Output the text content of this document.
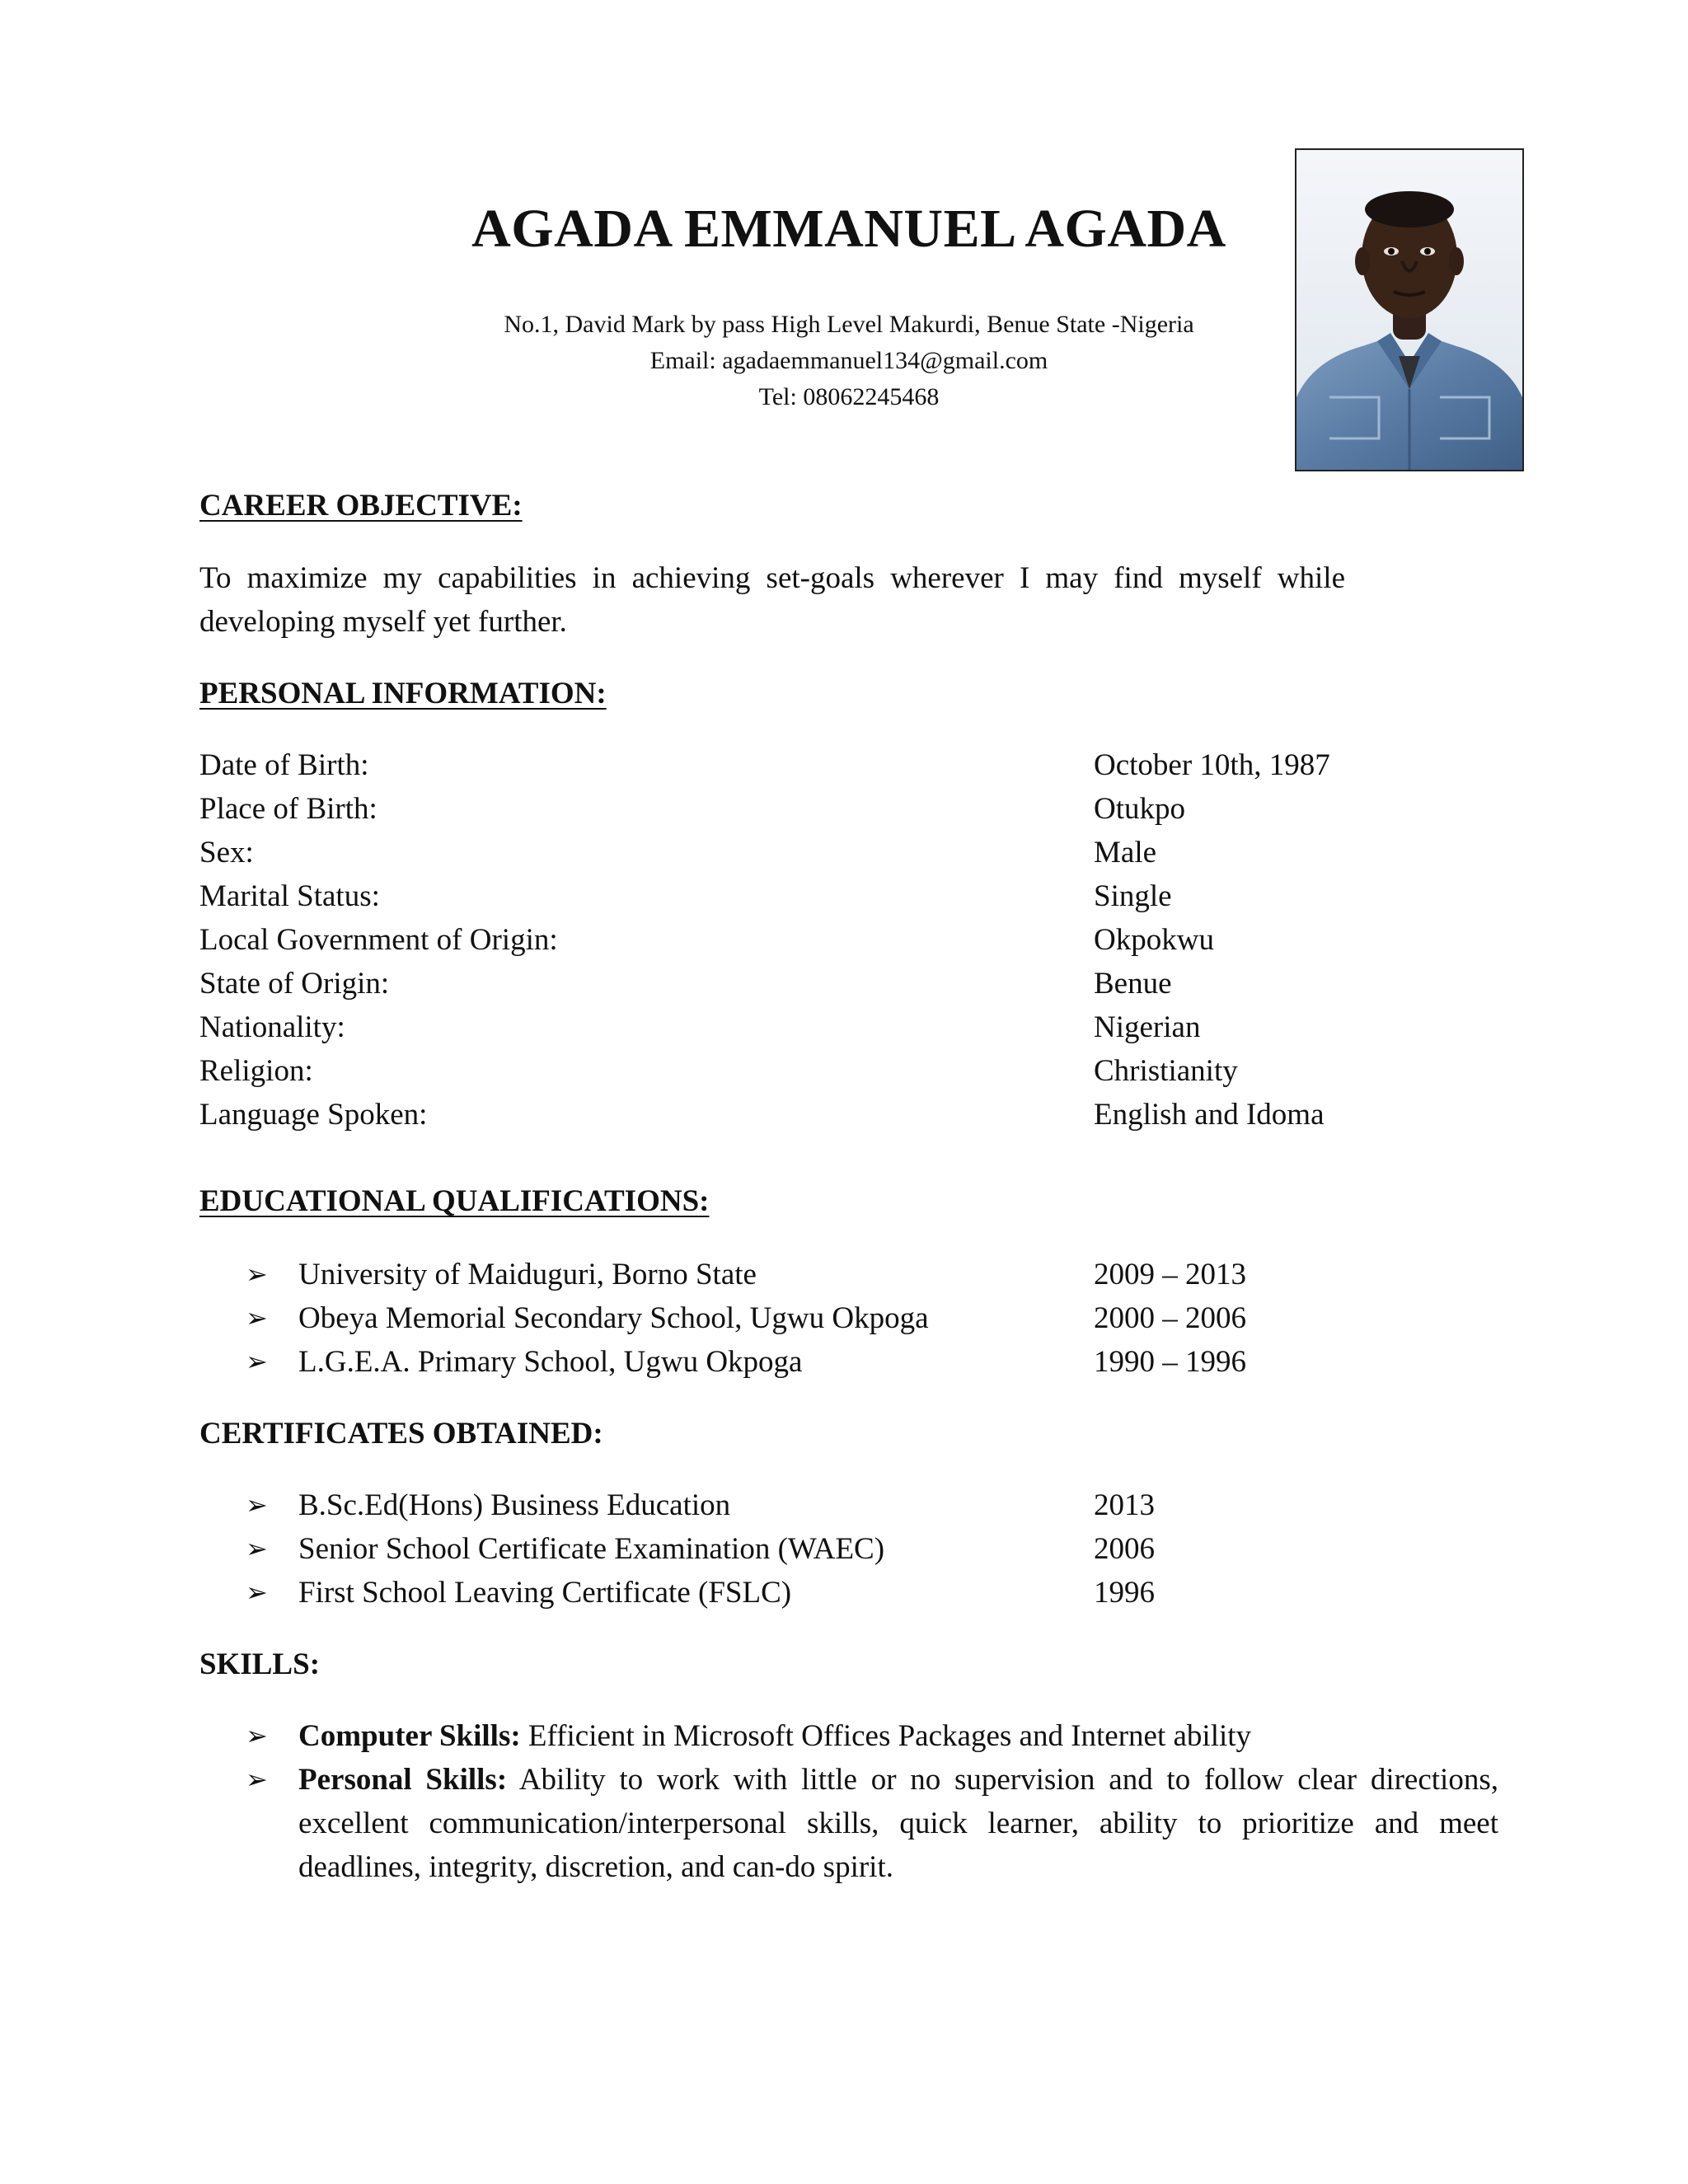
AGADA EMMANUEL AGADA
No.1, David Mark by pass High Level Makurdi, Benue State -Nigeria
Email: agadaemmanuel134@gmail.com
Tel: 08062245468
CAREER OBJECTIVE:
To maximize my capabilities in achieving set-goals wherever I may find myself while developing myself yet further.
PERSONAL INFORMATION:
Date of Birth:	October 10th, 1987
Place of Birth:	Otukpo
Sex:	Male
Marital Status:	Single
Local Government of Origin:	Okpokwu
State of Origin:	Benue
Nationality:	Nigerian
Religion:	Christianity
Language Spoken:	English and Idoma
EDUCATIONAL QUALIFICATIONS:
➢ University of Maiduguri, Borno State	2009 – 2013
➢ Obeya Memorial Secondary School, Ugwu Okpoga	2000 – 2006
➢ L.G.E.A. Primary School, Ugwu Okpoga	1990 – 1996
CERTIFICATES OBTAINED:
➢ B.Sc.Ed(Hons) Business Education	2013
➢ Senior School Certificate Examination (WAEC)	2006
➢ First School Leaving Certificate (FSLC)	1996
SKILLS:
➢ Computer Skills: Efficient in Microsoft Offices Packages and Internet ability
➢ Personal Skills: Ability to work with little or no supervision and to follow clear directions, excellent communication/interpersonal skills, quick learner, ability to prioritize and meet deadlines, integrity, discretion, and can-do spirit.
